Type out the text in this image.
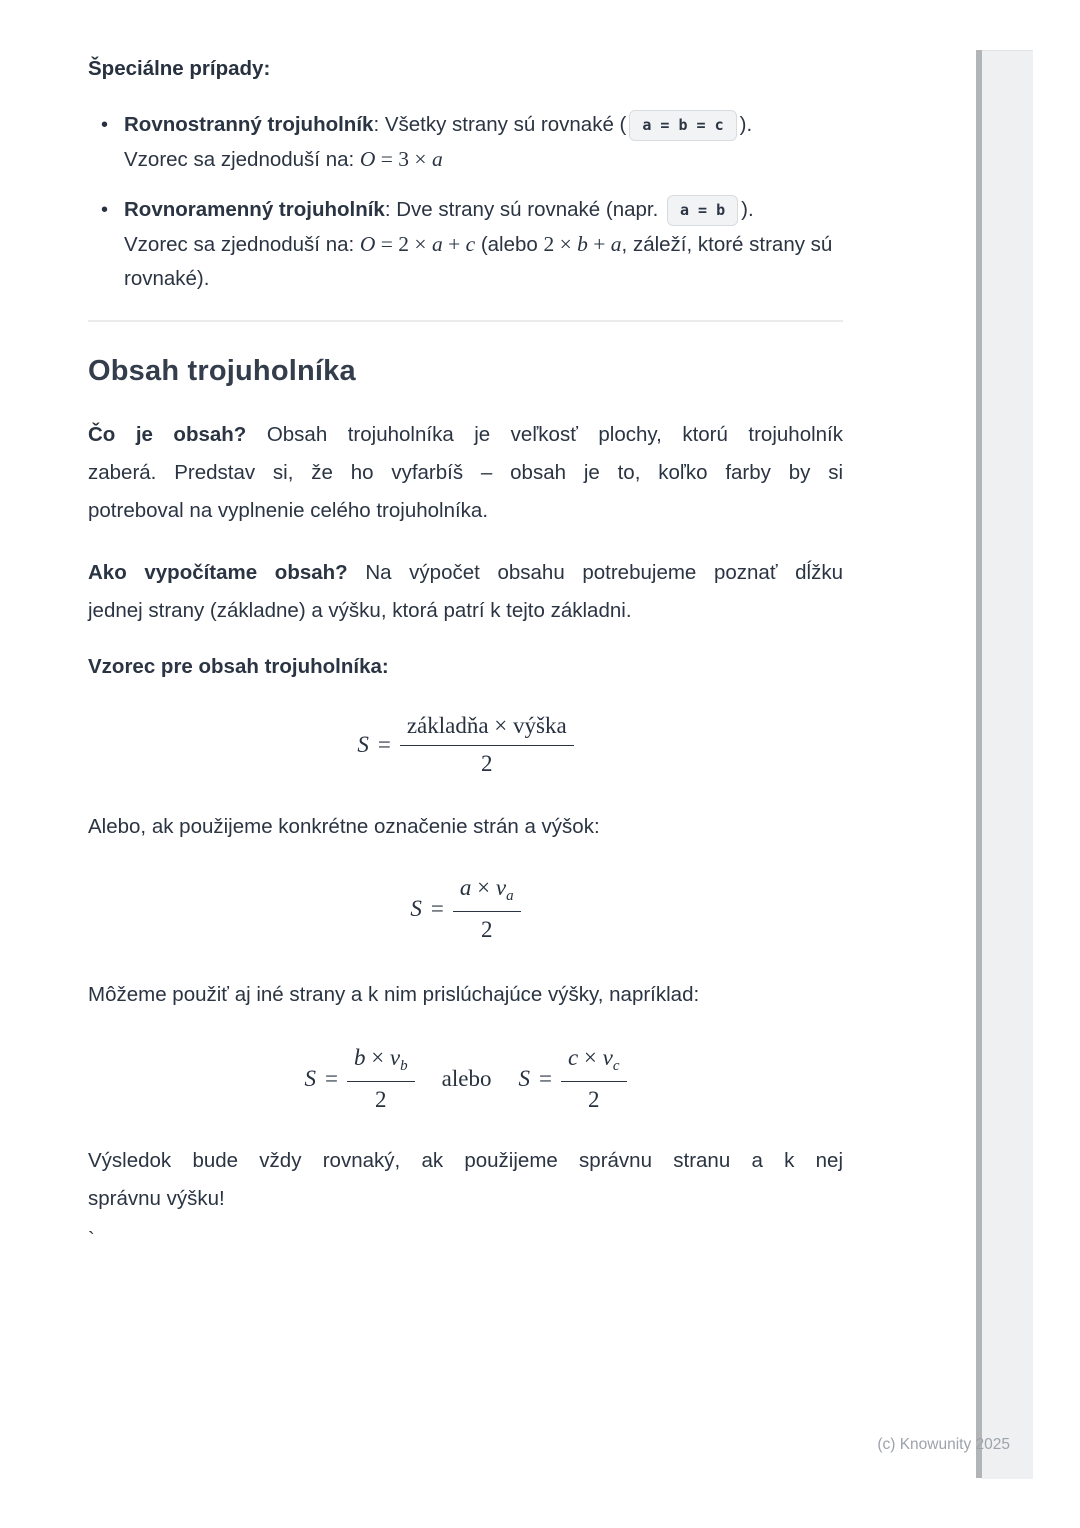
Špeciálne prípady:
• Rovnostranný trojuholník: Všetky strany sú rovnaké ( a = b = c ).
Vzorec sa zjednoduší na: O = 3 × a
• Rovnoramenný trojuholník: Dve strany sú rovnaké (napr. a = b ).
Vzorec sa zjednoduší na: O = 2 × a + c (alebo 2 × b + a, záleží, ktoré strany sú rovnaké).
Obsah trojuholníka
Čo je obsah? Obsah trojuholníka je veľkosť plochy, ktorú trojuholník
zaberá. Predstav si, že ho vyfarbíš – obsah je to, koľko farby by si
potreboval na vyplnenie celého trojuholníka.
Ako vypočítame obsah? Na výpočet obsahu potrebujeme poznať dĺžku
jednej strany (základne) a výšku, ktorá patrí k tejto základni.
Vzorec pre obsah trojuholníka:
$S = \frac{\text{základňa × výška}}{2}$
Alebo, ak použijeme konkrétne označenie strán a výšok:
$S = \frac{a \times v_a}{2}$
Môžeme použiť aj iné strany a k nim prislúchajúce výšky, napríklad:
$S = \frac{b \times v_b}{2}$ alebo $S = \frac{c \times v_c}{2}$
Výsledok bude vždy rovnaký, ak použijeme správnu stranu a k nej
správnu výšku!
`
(c) Knowunity 2025
